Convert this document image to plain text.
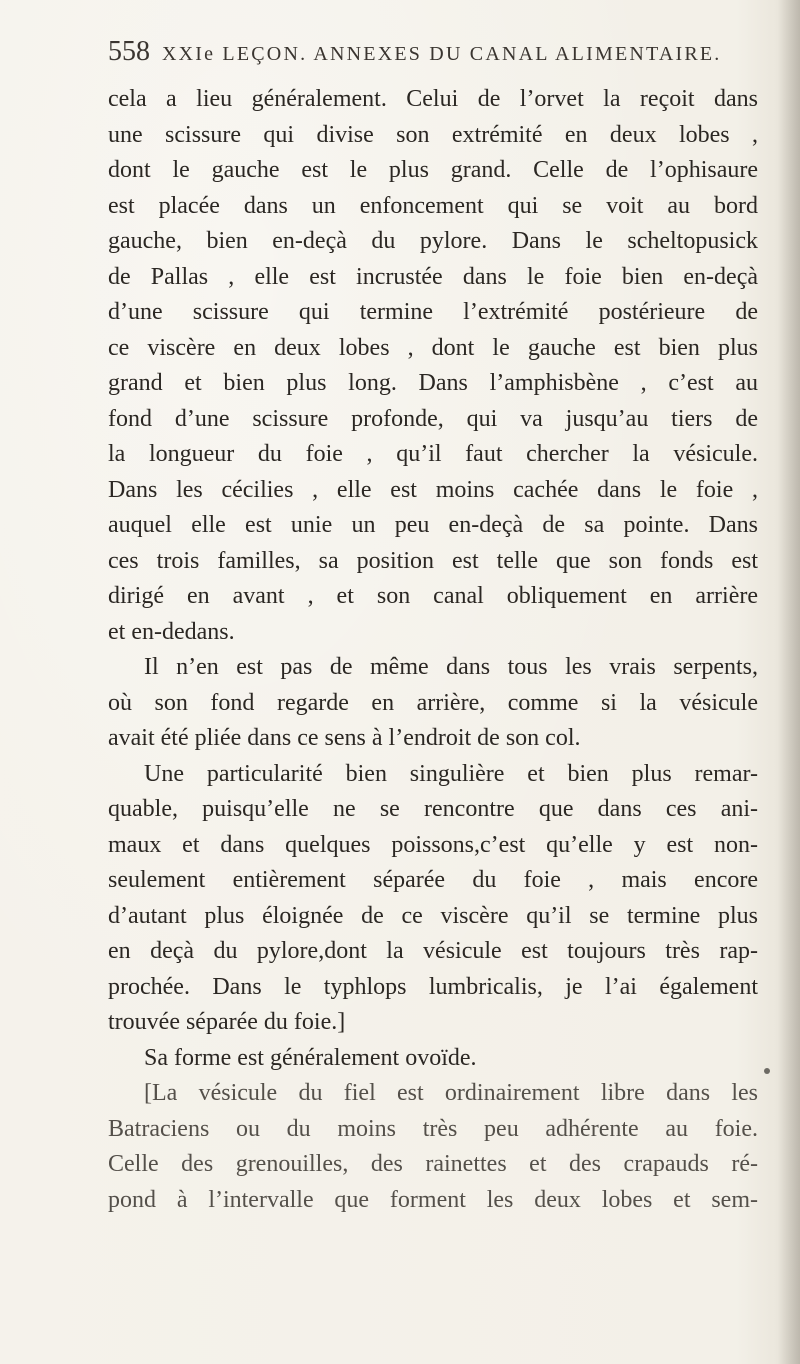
558 XXIe LEÇON. ANNEXES DU CANAL ALIMENTAIRE.
cela a lieu généralement. Celui de l’orvet la reçoit dans
une scissure qui divise son extrémité en deux lobes ,
dont le gauche est le plus grand. Celle de l’ophisaure
est placée dans un enfoncement qui se voit au bord
gauche, bien en-deçà du pylore. Dans le scheltopusick
de Pallas , elle est incrustée dans le foie bien en-deçà
d’une scissure qui termine l’extrémité postérieure de
ce viscère en deux lobes , dont le gauche est bien plus
grand et bien plus long. Dans l’amphisbène , c’est au
fond d’une scissure profonde, qui va jusqu’au tiers de
la longueur du foie , qu’il faut chercher la vésicule.
Dans les cécilies , elle est moins cachée dans le foie ,
auquel elle est unie un peu en-deçà de sa pointe. Dans
ces trois familles, sa position est telle que son fonds est
dirigé en avant , et son canal obliquement en arrière
et en-dedans.
Il n’en est pas de même dans tous les vrais serpents,
où son fond regarde en arrière, comme si la vésicule
avait été pliée dans ce sens à l’endroit de son col.
Une particularité bien singulière et bien plus remar-
quable, puisqu’elle ne se rencontre que dans ces ani-
maux et dans quelques poissons,c’est qu’elle y est non-
seulement entièrement séparée du foie , mais encore
d’autant plus éloignée de ce viscère qu’il se termine plus
en deçà du pylore,dont la vésicule est toujours très rap-
prochée. Dans le typhlops lumbricalis, je l’ai également
trouvée séparée du foie.]
Sa forme est généralement ovoïde.
[La vésicule du fiel est ordinairement libre dans les
Batraciens ou du moins très peu adhérente au foie.
Celle des grenouilles, des rainettes et des crapauds ré-
pond à l’intervalle que forment les deux lobes et sem-
